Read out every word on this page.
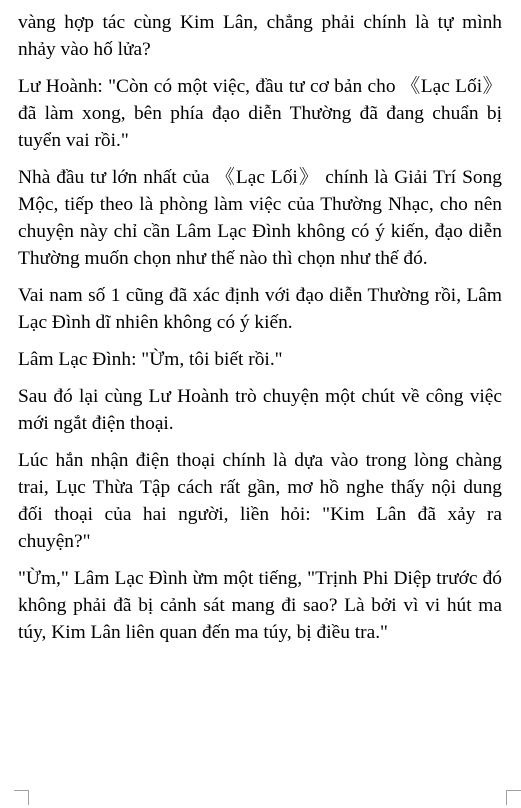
vàng hợp tác cùng Kim Lân, chẳng phải chính là tự mình nhảy vào hố lửa?

Lư Hoành: "Còn có một việc, đầu tư cơ bản cho 《Lạc Lối》 đã làm xong, bên phía đạo diễn Thường đã đang chuẩn bị tuyển vai rồi."

Nhà đầu tư lớn nhất của 《Lạc Lối》 chính là Giải Trí Song Mộc, tiếp theo là phòng làm việc của Thường Nhạc, cho nên chuyện này chỉ cần Lâm Lạc Đình không có ý kiến, đạo diễn Thường muốn chọn như thế nào thì chọn như thế đó.

Vai nam số 1 cũng đã xác định với đạo diễn Thường rồi, Lâm Lạc Đình dĩ nhiên không có ý kiến.

Lâm Lạc Đình: "Ừm, tôi biết rồi."

Sau đó lại cùng Lư Hoành trò chuyện một chút về công việc mới ngắt điện thoại.

Lúc hắn nhận điện thoại chính là dựa vào trong lòng chàng trai, Lục Thừa Tập cách rất gần, mơ hồ nghe thấy nội dung đối thoại của hai người, liền hỏi: "Kim Lân đã xảy ra chuyện?"

"Ừm," Lâm Lạc Đình ừm một tiếng, "Trịnh Phi Diệp trước đó không phải đã bị cảnh sát mang đi sao? Là bởi vì vi hút ma túy, Kim Lân liên quan đến ma túy, bị điều tra."
